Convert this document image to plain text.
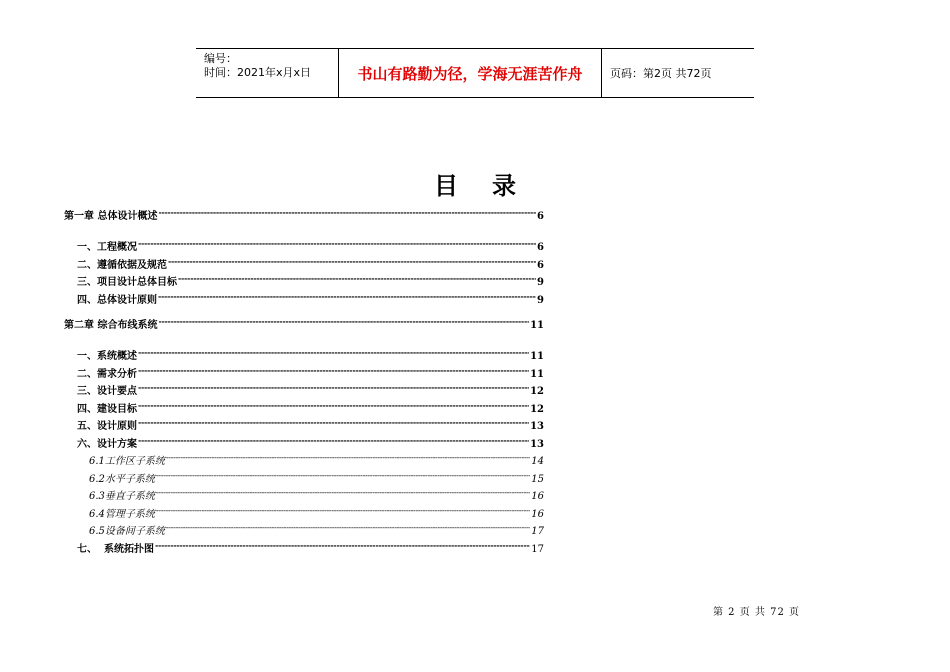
编号：
时间：2021年x月x日	书山有路勤为径，学海无涯苦作舟	页码：第2页 共72页
目录
第一章 总体设计概述 -----	6
一、工程概况 -----	6
二、遵循依据及规范 -----	6
三、项目设计总体目标 -----	9
四、总体设计原则 -----	9
第二章 综合布线系统 -----	11
一、系统概述 -----	11
二、需求分析 -----	11
三、设计要点 -----	12
四、建设目标 -----	12
五、设计原则 -----	13
六、设计方案 -----	13
6.1工作区子系统 -----	14
6.2水平子系统 -----	15
6.3垂直子系统 -----	16
6.4管理子系统 -----	16
6.5设备间子系统 -----	17
七、  系统拓扑图 -----	17
第 2 页 共 72 页
